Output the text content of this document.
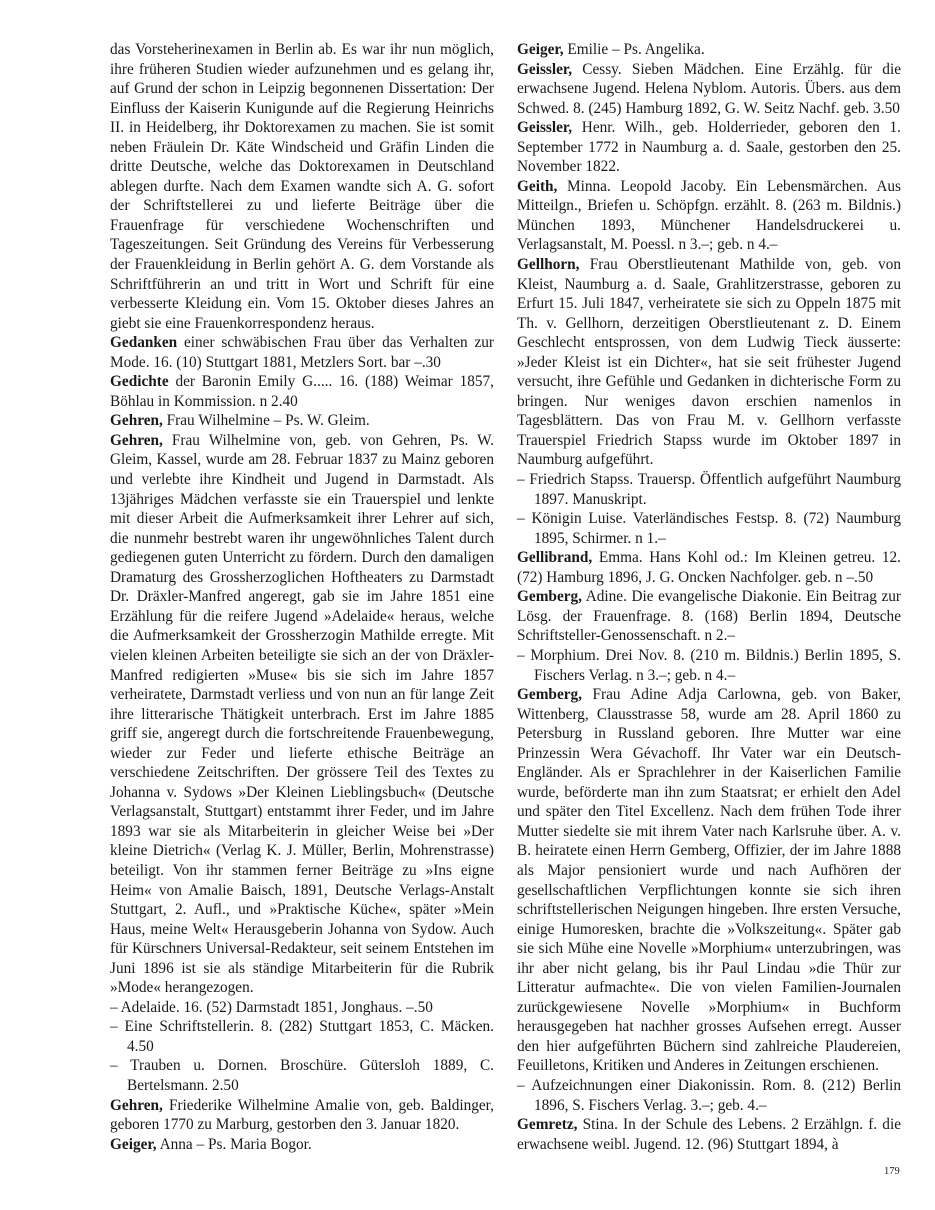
das Vorsteherinexamen in Berlin ab. Es war ihr nun möglich, ihre früheren Studien wieder aufzunehmen und es gelang ihr, auf Grund der schon in Leipzig begonnenen Dissertation: Der Einfluss der Kaiserin Kunigunde auf die Regierung Heinrichs II. in Heidelberg, ihr Doktorexamen zu machen. Sie ist somit neben Fräulein Dr. Käte Windscheid und Gräfin Linden die dritte Deutsche, welche das Doktorexamen in Deutschland ablegen durfte. Nach dem Examen wandte sich A. G. sofort der Schriftstellerei zu und lieferte Beiträge über die Frauenfrage für verschiedene Wochenschriften und Tageszeitungen. Seit Gründung des Vereins für Verbesserung der Frauenkleidung in Berlin gehört A. G. dem Vorstande als Schriftführerin an und tritt in Wort und Schrift für eine verbesserte Kleidung ein. Vom 15. Oktober dieses Jahres an giebt sie eine Frauenkorrespondenz heraus.

Gedanken einer schwäbischen Frau über das Verhalten zur Mode. 16. (10) Stuttgart 1881, Metzlers Sort. bar –.30

Gedichte der Baronin Emily G..... 16. (188) Weimar 1857, Böhlau in Kommission. n 2.40

Gehren, Frau Wilhelmine – Ps. W. Gleim.

Gehren, Frau Wilhelmine von, geb. von Gehren, Ps. W. Gleim, Kassel, wurde am 28. Februar 1837 zu Mainz geboren und verlebte ihre Kindheit und Jugend in Darmstadt. Als 13jähriges Mädchen verfasste sie ein Trauerspiel und lenkte mit dieser Arbeit die Aufmerksamkeit ihrer Lehrer auf sich, die nunmehr bestrebt waren ihr ungewöhnliches Talent durch gediegenen guten Unterricht zu fördern. Durch den damaligen Dramaturg des Grossherzoglichen Hoftheaters zu Darmstadt Dr. Dräxler-Manfred angeregt, gab sie im Jahre 1851 eine Erzählung für die reifere Jugend »Adelaide« heraus, welche die Aufmerksamkeit der Grossherzogin Mathilde erregte. Mit vielen kleinen Arbeiten beteiligte sie sich an der von Dräxler-Manfred redigierten »Muse« bis sie sich im Jahre 1857 verheiratete, Darmstadt verliess und von nun an für lange Zeit ihre litterarische Thätigkeit unterbrach. Erst im Jahre 1885 griff sie, angeregt durch die fortschreitende Frauenbewegung, wieder zur Feder und lieferte ethische Beiträge an verschiedene Zeitschriften. Der grössere Teil des Textes zu Johanna v. Sydows »Der Kleinen Lieblingsbuch« (Deutsche Verlagsanstalt, Stuttgart) entstammt ihrer Feder, und im Jahre 1893 war sie als Mitarbeiterin in gleicher Weise bei »Der kleine Dietrich« (Verlag K. J. Müller, Berlin, Mohrenstrasse) beteiligt. Von ihr stammen ferner Beiträge zu »Ins eigne Heim« von Amalie Baisch, 1891, Deutsche Verlags-Anstalt Stuttgart, 2. Aufl., und »Praktische Küche«, später »Mein Haus, meine Welt« Herausgeberin Johanna von Sydow. Auch für Kürschners Universal-Redakteur, seit seinem Entstehen im Juni 1896 ist sie als ständige Mitarbeiterin für die Rubrik »Mode« herangezogen.

– Adelaide. 16. (52) Darmstadt 1851, Jonghaus. –.50

– Eine Schriftstellerin. 8. (282) Stuttgart 1853, C. Mäcken. 4.50

– Trauben u. Dornen. Broschüre. Gütersloh 1889, C. Bertelsmann. 2.50

Gehren, Friederike Wilhelmine Amalie von, geb. Baldinger, geboren 1770 zu Marburg, gestorben den 3. Januar 1820.

Geiger, Anna – Ps. Maria Bogor.

Geiger, Emilie – Ps. Angelika.

Geissler, Cessy. Sieben Mädchen. Eine Erzählg. für die erwachsene Jugend. Helena Nyblom. Autoris. Übers. aus dem Schwed. 8. (245) Hamburg 1892, G. W. Seitz Nachf. geb. 3.50

Geissler, Henr. Wilh., geb. Holderrieder, geboren den 1. September 1772 in Naumburg a. d. Saale, gestorben den 25. November 1822.

Geith, Minna. Leopold Jacoby. Ein Lebensmärchen. Aus Mitteilgn., Briefen u. Schöpfgn. erzählt. 8. (263 m. Bildnis.) München 1893, Münchener Handelsdruckerei u. Verlagsanstalt, M. Poessl. n 3.–; geb. n 4.–

Gellhorn, Frau Oberstlieutenant Mathilde von, geb. von Kleist, Naumburg a. d. Saale, Grahlitzerstrasse, geboren zu Erfurt 15. Juli 1847, verheiratete sie sich zu Oppeln 1875 mit Th. v. Gellhorn, derzeitigen Oberstlieutenant z. D. Einem Geschlecht entsprossen, von dem Ludwig Tieck äusserte: »Jeder Kleist ist ein Dichter«, hat sie seit frühester Jugend versucht, ihre Gefühle und Gedanken in dichterische Form zu bringen. Nur weniges davon erschien namenlos in Tagesblättern. Das von Frau M. v. Gellhorn verfasste Trauerspiel Friedrich Stapss wurde im Oktober 1897 in Naumburg aufgeführt.

– Friedrich Stapss. Trauersp. Öffentlich aufgeführt Naumburg 1897. Manuskript.

– Königin Luise. Vaterländisches Festsp. 8. (72) Naumburg 1895, Schirmer. n 1.–

Gellibrand, Emma. Hans Kohl od.: Im Kleinen getreu. 12. (72) Hamburg 1896, J. G. Oncken Nachfolger. geb. n –.50

Gemberg, Adine. Die evangelische Diakonie. Ein Beitrag zur Lösg. der Frauenfrage. 8. (168) Berlin 1894, Deutsche Schriftsteller-Genossenschaft. n 2.–

– Morphium. Drei Nov. 8. (210 m. Bildnis.) Berlin 1895, S. Fischers Verlag. n 3.–; geb. n 4.–

Gemberg, Frau Adine Adja Carlowna, geb. von Baker, Wittenberg, Clausstrasse 58, wurde am 28. April 1860 zu Petersburg in Russland geboren. Ihre Mutter war eine Prinzessin Wera Gévachoff. Ihr Vater war ein Deutsch-Engländer. Als er Sprachlehrer in der Kaiserlichen Familie wurde, beförderte man ihn zum Staatsrat; er erhielt den Adel und später den Titel Excellenz. Nach dem frühen Tode ihrer Mutter siedelte sie mit ihrem Vater nach Karlsruhe über. A. v. B. heiratete einen Herrn Gemberg, Offizier, der im Jahre 1888 als Major pensioniert wurde und nach Aufhören der gesellschaftlichen Verpflichtungen konnte sie sich ihren schriftstellerischen Neigungen hingeben. Ihre ersten Versuche, einige Humoresken, brachte die »Volkszeitung«. Später gab sie sich Mühe eine Novelle »Morphium« unterzubringen, was ihr aber nicht gelang, bis ihr Paul Lindau »die Thür zur Litteratur aufmachte«. Die von vielen Familien-Journalen zurückgewiesene Novelle »Morphium« in Buchform herausgegeben hat nachher grosses Aufsehen erregt. Ausser den hier aufgeführten Büchern sind zahlreiche Plaudereien, Feuilletons, Kritiken und Anderes in Zeitungen erschienen.

– Aufzeichnungen einer Diakonissin. Rom. 8. (212) Berlin 1896, S. Fischers Verlag. 3.–; geb. 4.–

Gemretz, Stina. In der Schule des Lebens. 2 Erzählgn. f. die erwachsene weibl. Jugend. 12. (96) Stuttgart 1894, à

179
